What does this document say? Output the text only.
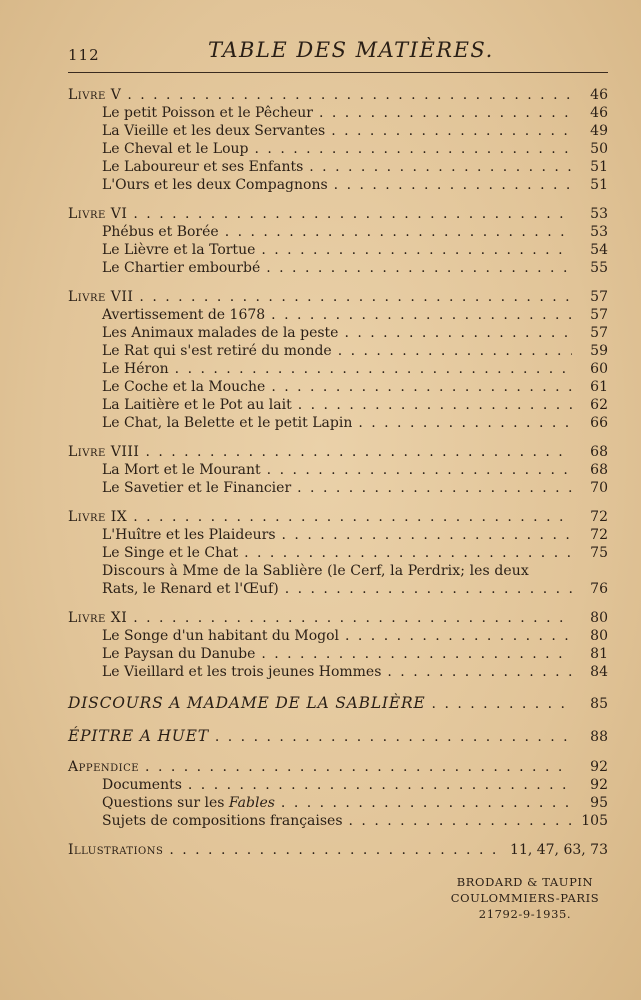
112	TABLE DES MATIÈRES.
Livre V . . .	46
Le petit Poisson et le Pêcheur . . .	46
La Vieille et les deux Servantes . . .	49
Le Cheval et le Loup . . .	50
Le Laboureur et ses Enfants . . .	51
L'Ours et les deux Compagnons . . .	51
Livre VI . . .	53
Phébus et Borée . . .	53
Le Lièvre et la Tortue . . .	54
Le Chartier embourbé . . .	55
Livre VII . . .	57
Avertissement de 1678 . . .	57
Les Animaux malades de la peste . . .	57
Le Rat qui s'est retiré du monde . . .	59
Le Héron . . .	60
Le Coche et la Mouche . . .	61
La Laitière et le Pot au lait . . .	62
Le Chat, la Belette et le petit Lapin . . .	66
Livre VIII . . .	68
La Mort et le Mourant . . .	68
Le Savetier et le Financier . . .	70
Livre IX . . .	72
L'Huître et les Plaideurs . . .	72
Le Singe et le Chat . . .	75
Discours à Mme de la Sablière (le Cerf, la Perdrix; les deux
Rats, le Renard et l'Œuf) . . .	76
Livre XI . . .	80
Le Songe d'un habitant du Mogol . . .	80
Le Paysan du Danube . . .	81
Le Vieillard et les trois jeunes Hommes . . .	84
DISCOURS A MADAME DE LA SABLIÈRE . . .	85
ÉPITRE A HUET . . .	88
Appendice . . .	92
Documents . . .	92
Questions sur les Fables . . .	95
Sujets de compositions françaises . . .	105
Illustrations . . .	11, 47, 63, 73
BRODARD & TAUPIN
COULOMMIERS-PARIS
21792-9-1935.
